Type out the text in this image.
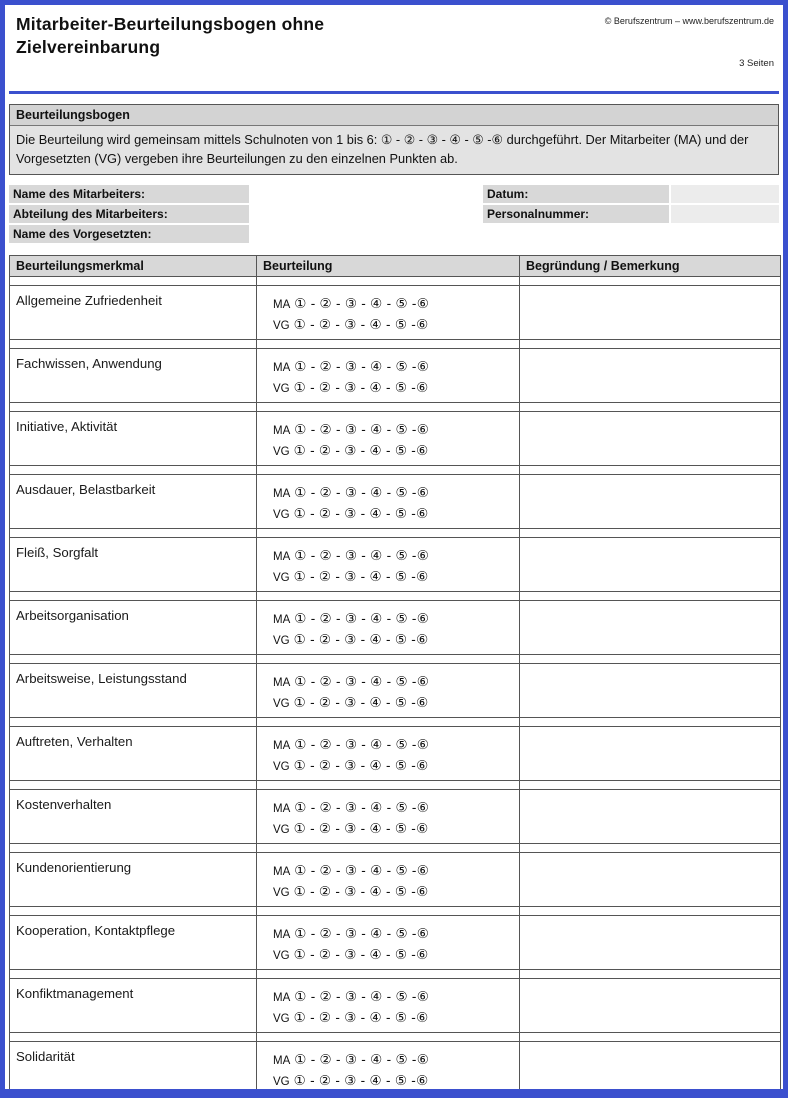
Mitarbeiter-Beurteilungsbogen ohne Zielvereinbarung
© Berufszentrum – www.berufszentrum.de
3 Seiten
Beurteilungsbogen
Die Beurteilung wird gemeinsam mittels Schulnoten von 1 bis 6: ① - ② - ③ - ④ - ⑤ -⑥ durchgeführt. Der Mitarbeiter (MA) und der Vorgesetzten (VG) vergeben ihre Beurteilungen zu den einzelnen Punkten ab.
Name des Mitarbeiters:	Datum:
Abteilung des Mitarbeiters:	Personalnummer:
Name des Vorgesetzten:
Beurteilungsmerkmal	Beurteilung	Begründung / Bemerkung

Allgemeine Zufriedenheit	MA ① - ② - ③ - ④ - ⑤ -⑥
VG ① - ② - ③ - ④ - ⑤ -⑥	

Fachwissen, Anwendung	MA ① - ② - ③ - ④ - ⑤ -⑥
VG ① - ② - ③ - ④ - ⑤ -⑥	

Initiative, Aktivität	MA ① - ② - ③ - ④ - ⑤ -⑥
VG ① - ② - ③ - ④ - ⑤ -⑥	

Ausdauer, Belastbarkeit	MA ① - ② - ③ - ④ - ⑤ -⑥
VG ① - ② - ③ - ④ - ⑤ -⑥	

Fleiß, Sorgfalt	MA ① - ② - ③ - ④ - ⑤ -⑥
VG ① - ② - ③ - ④ - ⑤ -⑥	

Arbeitsorganisation	MA ① - ② - ③ - ④ - ⑤ -⑥
VG ① - ② - ③ - ④ - ⑤ -⑥	

Arbeitsweise, Leistungsstand	MA ① - ② - ③ - ④ - ⑤ -⑥
VG ① - ② - ③ - ④ - ⑤ -⑥	

Auftreten, Verhalten	MA ① - ② - ③ - ④ - ⑤ -⑥
VG ① - ② - ③ - ④ - ⑤ -⑥	

Kostenverhalten	MA ① - ② - ③ - ④ - ⑤ -⑥
VG ① - ② - ③ - ④ - ⑤ -⑥	

Kundenorientierung	MA ① - ② - ③ - ④ - ⑤ -⑥
VG ① - ② - ③ - ④ - ⑤ -⑥	

Kooperation, Kontaktpflege	MA ① - ② - ③ - ④ - ⑤ -⑥
VG ① - ② - ③ - ④ - ⑤ -⑥	

Konfiktmanagement	MA ① - ② - ③ - ④ - ⑤ -⑥
VG ① - ② - ③ - ④ - ⑤ -⑥	

Solidarität	MA ① - ② - ③ - ④ - ⑤ -⑥
VG ① - ② - ③ - ④ - ⑤ -⑥	
